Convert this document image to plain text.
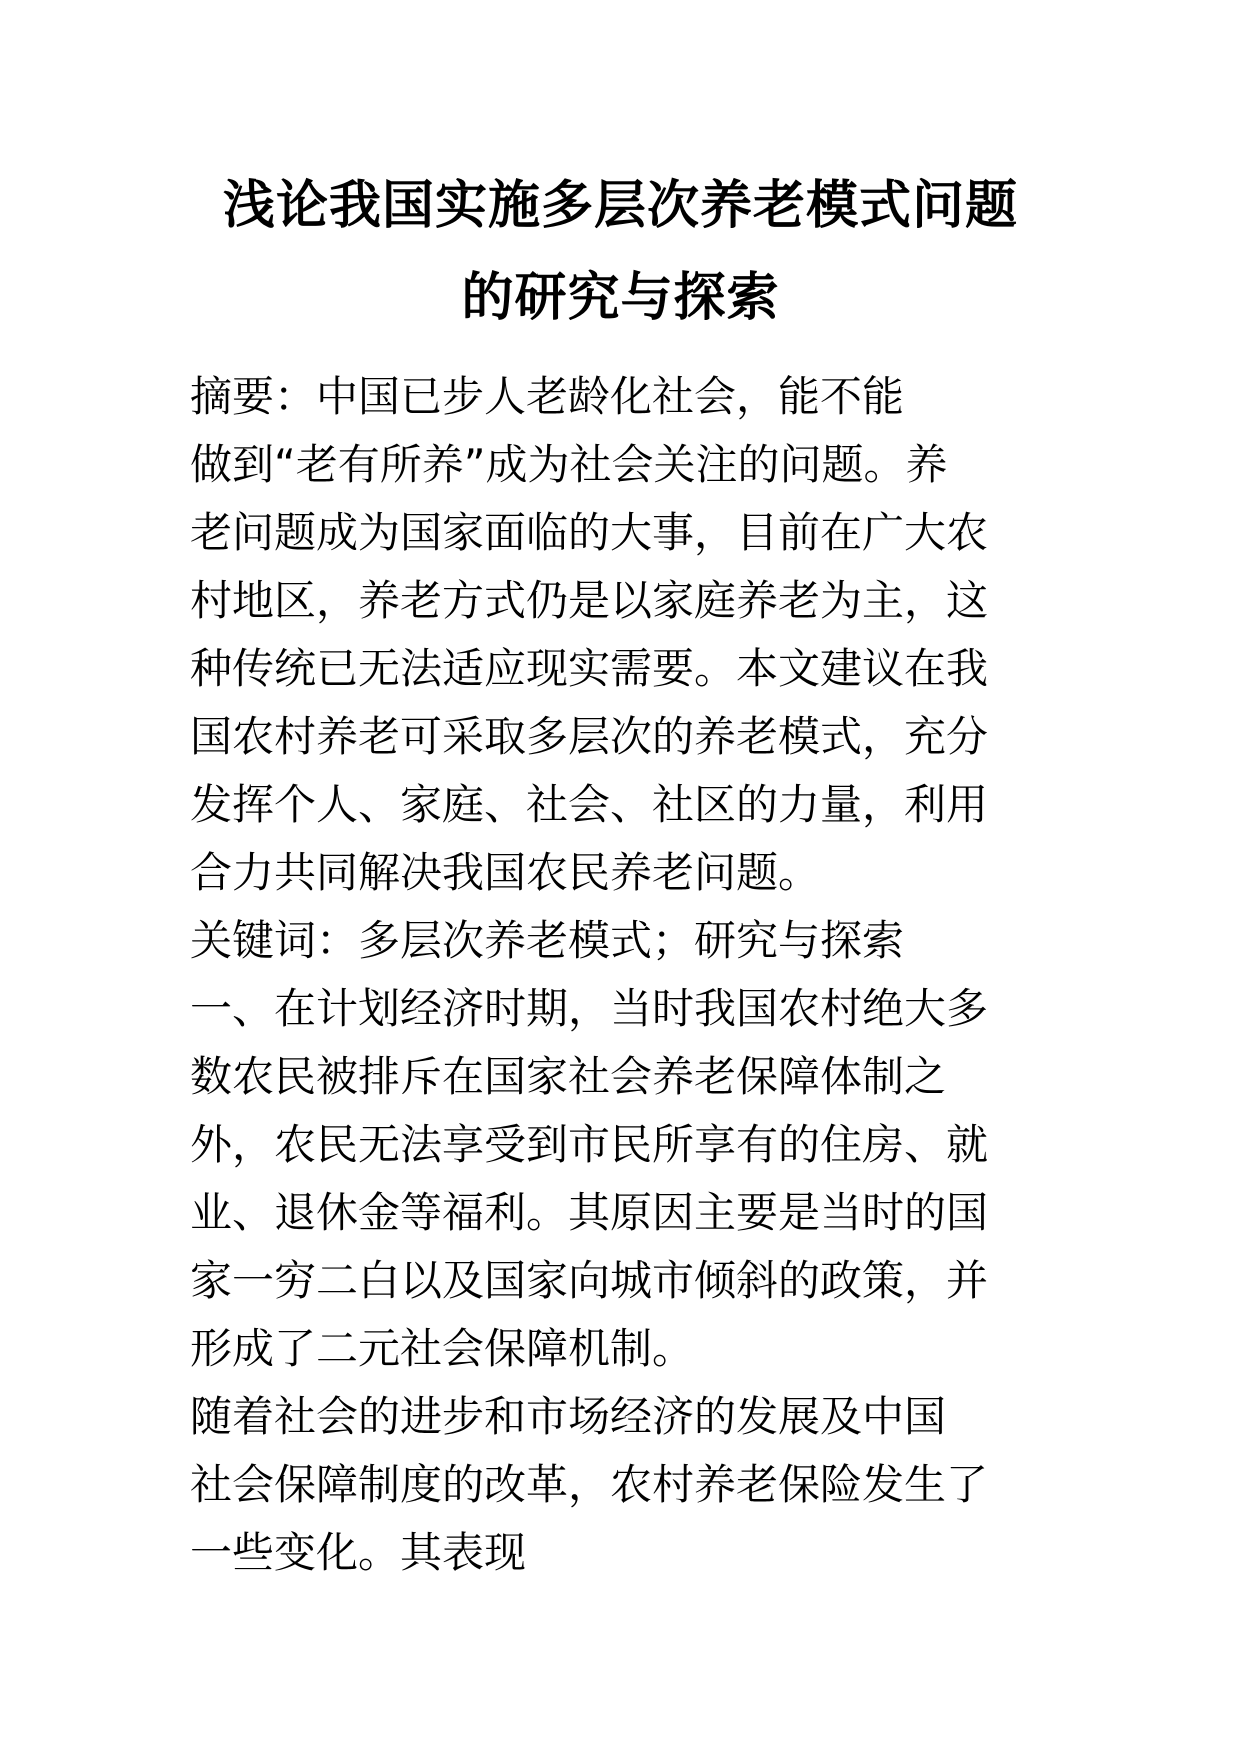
浅论我国实施多层次养老模式问题
的研究与探索
摘要：中国已步人老龄化社会，能不能
做到“老有所养”成为社会关注的问题。养
老问题成为国家面临的大事，目前在广大农
村地区，养老方式仍是以家庭养老为主，这
种传统已无法适应现实需要。本文建议在我
国农村养老可采取多层次的养老模式，充分
发挥个人、家庭、社会、社区的力量，利用
合力共同解决我国农民养老问题。
关键词：多层次养老模式；研究与探索
一、在计划经济时期，当时我国农村绝大多
数农民被排斥在国家社会养老保障体制之
外，农民无法享受到市民所享有的住房、就
业、退休金等福利。其原因主要是当时的国
家一穷二白以及国家向城市倾斜的政策，并
形成了二元社会保障机制。
随着社会的进步和市场经济的发展及中国
社会保障制度的改革，农村养老保险发生了
一些变化。其表现
